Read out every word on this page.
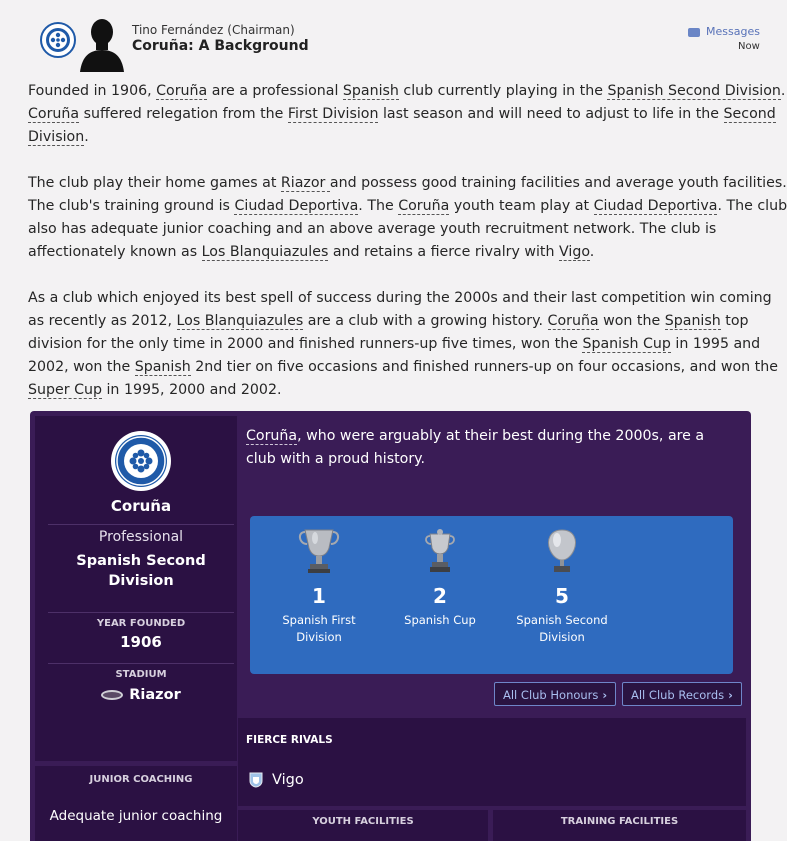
Tino Fernández (Chairman)
Coruña: A Background
Messages
Now

Founded in 1906, Coruña are a professional Spanish club currently playing in the Spanish Second Division.
Coruña suffered relegation from the First Division last season and will need to adjust to life in the Second
Division.

The club play their home games at Riazor and possess good training facilities and average youth facilities.
The club's training ground is Ciudad Deportiva. The Coruña youth team play at Ciudad Deportiva. The club
also has adequate junior coaching and an above average youth recruitment network. The club is
affectionately known as Los Blanquiazules and retains a fierce rivalry with Vigo.

As a club which enjoyed its best spell of success during the 2000s and their last competition win coming
as recently as 2012, Los Blanquiazules are a club with a growing history. Coruña won the Spanish top
division for the only time in 2000 and finished runners-up five times, won the Spanish Cup in 1995 and
2002, won the Spanish 2nd tier on five occasions and finished runners-up on four occasions, and won the
Super Cup in 1995, 2000 and 2002.

Coruña
Professional
Spanish Second Division
YEAR FOUNDED
1906
STADIUM
Riazor
JUNIOR COACHING
Adequate junior coaching
Coruña, who were arguably at their best during the 2000s, are a club with a proud history.
1
Spanish First Division
2
Spanish Cup
5
Spanish Second Division
All Club Honours ›	All Club Records ›
FIERCE RIVALS
Vigo
YOUTH FACILITIES	TRAINING FACILITIES
